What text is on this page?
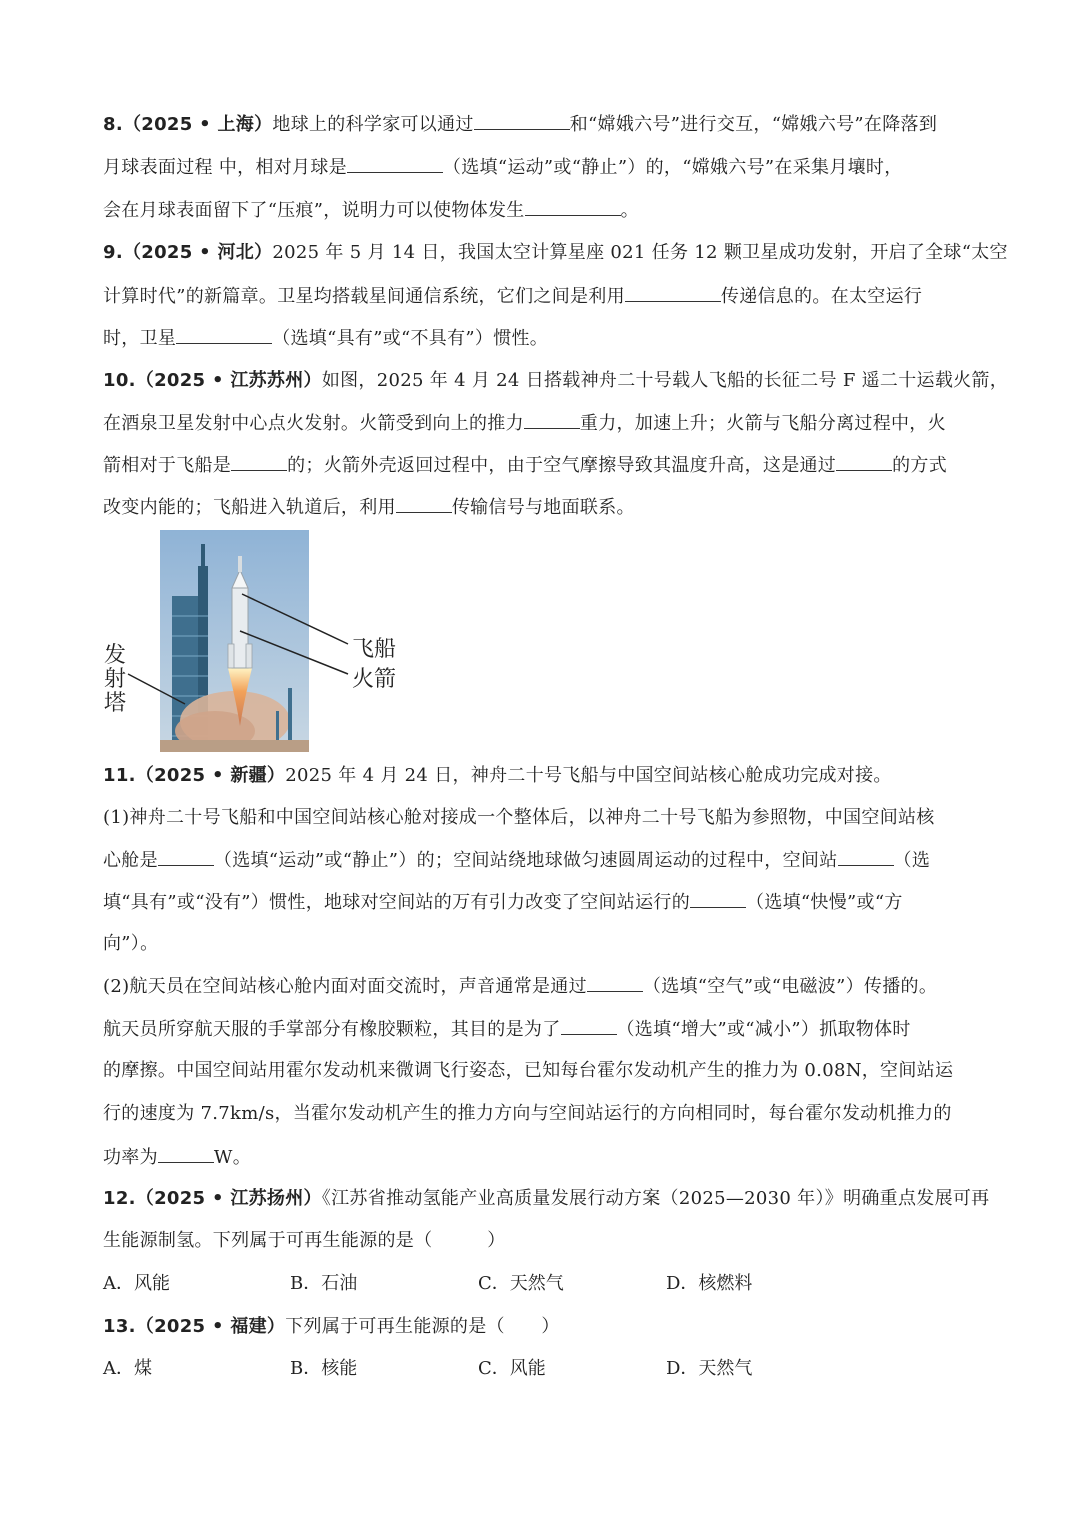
8.（2025 • 上海）地球上的科学家可以通过	和“嫦娥六号”进行交互，“嫦娥六号”在降落到
月球表面过程 中，相对月球是	（选填“运动”或“静止”）的，“嫦娥六号”在采集月壤时，
会在月球表面留下了“压痕”，说明力可以使物体发生	。
9.（2025 • 河北）2025 年 5 月 14 日，我国太空计算星座 021 任务 12 颗卫星成功发射，开启了全球“太空
计算时代”的新篇章。卫星均搭载星间通信系统，它们之间是利用	传递信息的。在太空运行
时，卫星	（选填“具有”或“不具有”）惯性。
10.（2025 • 江苏苏州）如图，2025 年 4 月 24 日搭载神舟二十号载人飞船的长征二号 F 遥二十运载火箭，
在酒泉卫星发射中心点火发射。火箭受到向上的推力	重力，加速上升；火箭与飞船分离过程中，火
箭相对于飞船是	的；火箭外壳返回过程中，由于空气摩擦导致其温度升高，这是通过	的方式
改变内能的；飞船进入轨道后，利用	传输信号与地面联系。
飞船
火箭
发
射
塔
11.（2025 • 新疆）2025 年 4 月 24 日，神舟二十号飞船与中国空间站核心舱成功完成对接。
(1)神舟二十号飞船和中国空间站核心舱对接成一个整体后，以神舟二十号飞船为参照物，中国空间站核
心舱是	（选填“运动”或“静止”）的；空间站绕地球做匀速圆周运动的过程中，空间站	（选
填“具有”或“没有”）惯性，地球对空间站的万有引力改变了空间站运行的	（选填“快慢”或“方
向”）。
(2)航天员在空间站核心舱内面对面交流时，声音通常是通过	（选填“空气”或“电磁波”）传播的。
航天员所穿航天服的手掌部分有橡胶颗粒，其目的是为了	（选填“增大”或“减小”）抓取物体时
的摩擦。中国空间站用霍尔发动机来微调飞行姿态，已知每台霍尔发动机产生的推力为 0.08N，空间站运
行的速度为 7.7km/s，当霍尔发动机产生的推力方向与空间站运行的方向相同时，每台霍尔发动机推力的
功率为	W。
12.（2025 • 江苏扬州）《江苏省推动氢能产业高质量发展行动方案（2025—2030 年）》明确重点发展可再
生能源制氢。下列属于可再生能源的是（　　　）
A．风能	B．石油	C．天然气	D．核燃料
13.（2025 • 福建）下列属于可再生能源的是（　　）
A．煤	B．核能	C．风能	D．天然气
